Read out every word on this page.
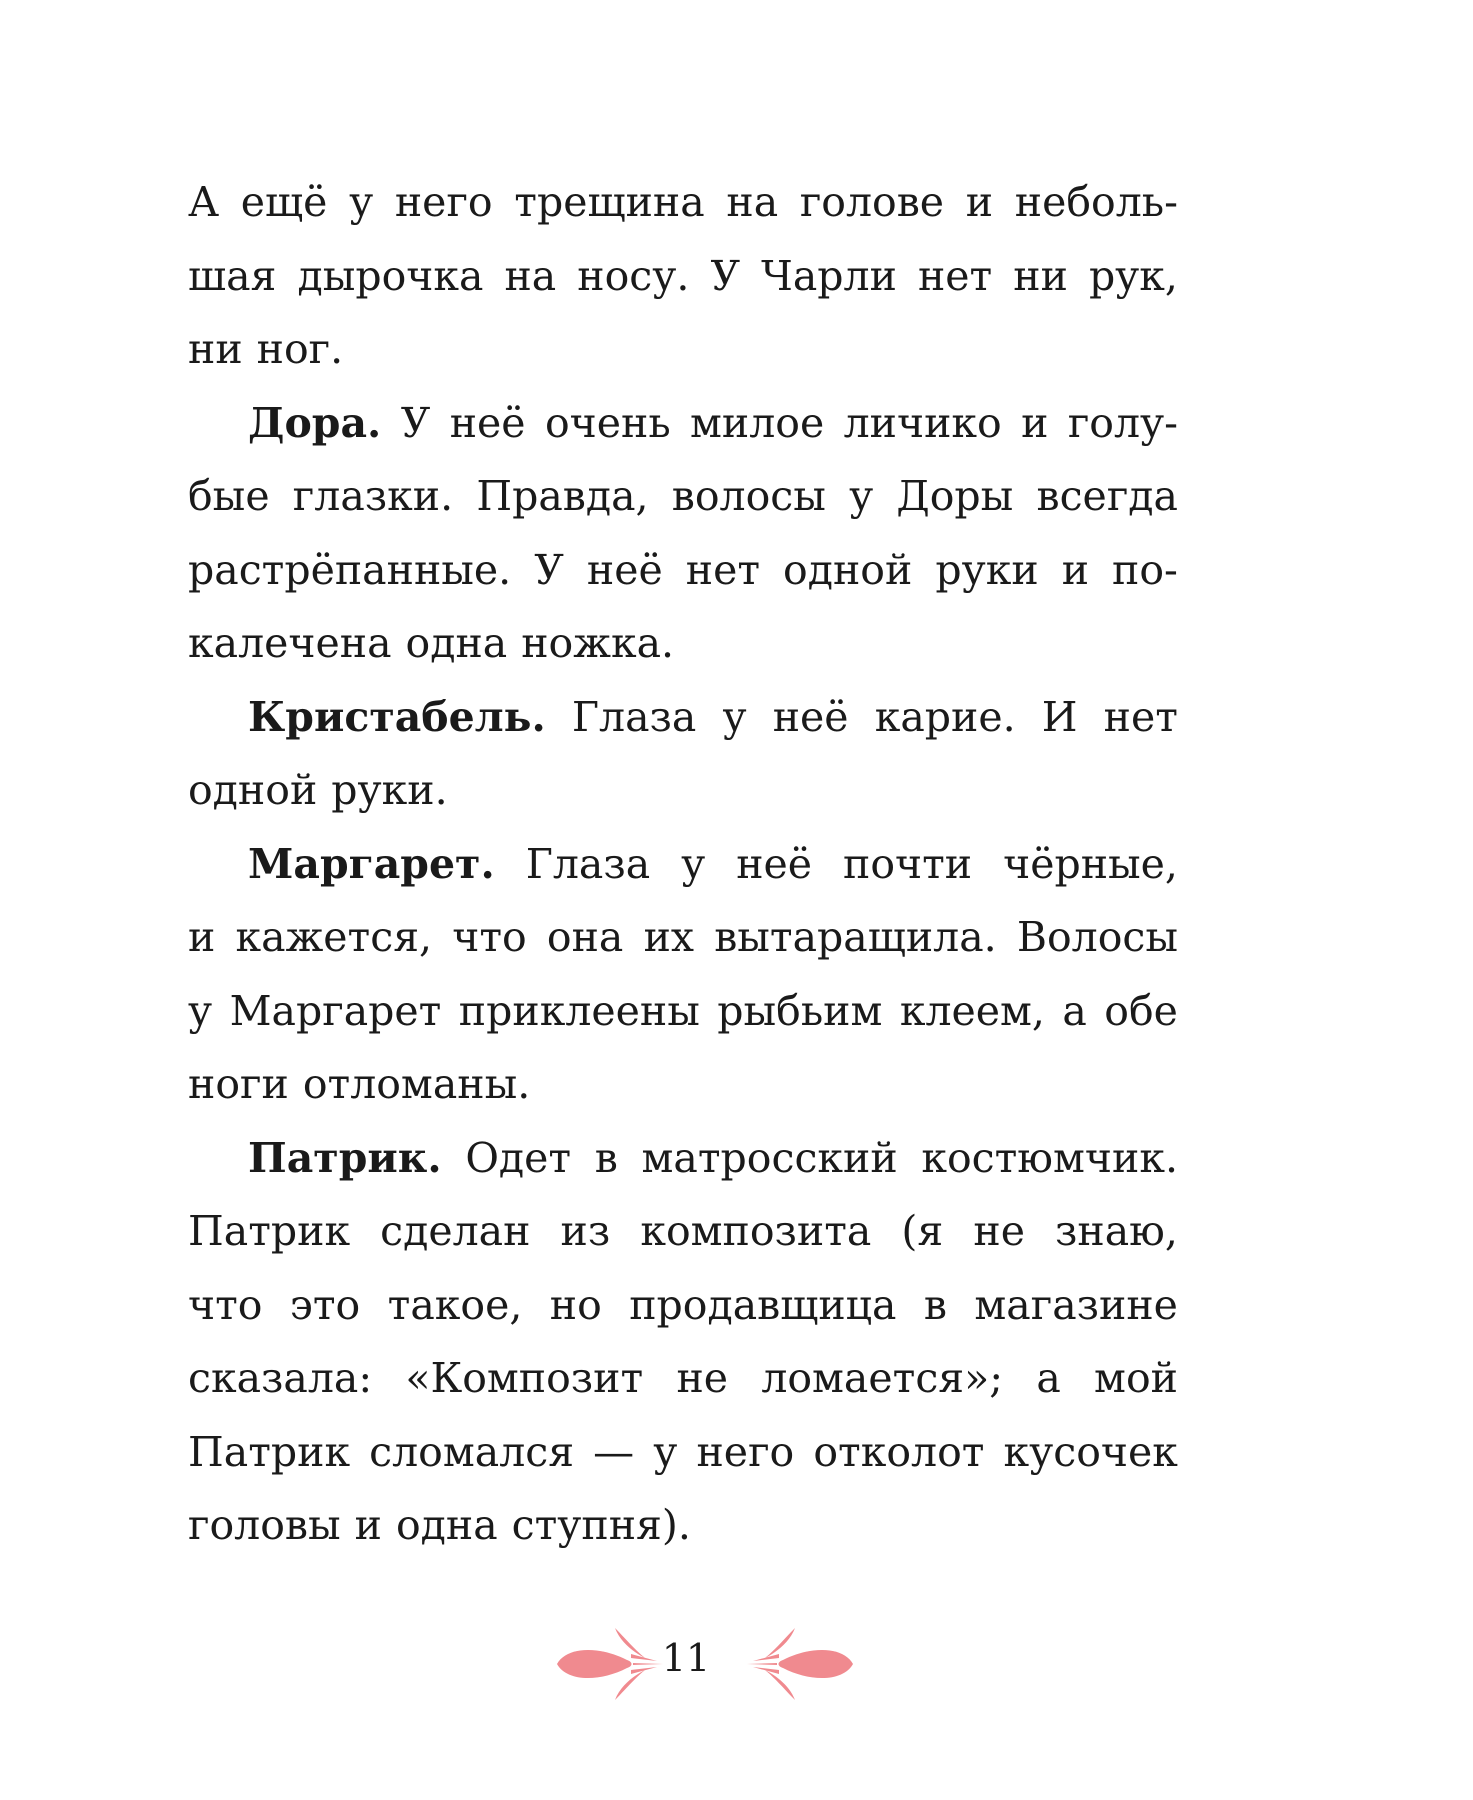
А ещё у него трещина на голове и неболь-
шая дырочка на носу. У Чарли нет ни рук,
ни ног.
Дора. У неё очень милое личико и голу-
бые глазки. Правда, волосы у Доры всегда
растрёпанные. У неё нет одной руки и по-
калечена одна ножка.
Кристабель. Глаза у неё карие. И нет
одной руки.
Маргарет. Глаза у неё почти чёрные,
и кажется, что она их вытаращила. Волосы
у Маргарет приклеены рыбьим клеем, а обе
ноги отломаны.
Патрик. Одет в матросский костюмчик.
Патрик сделан из композита (я не знаю,
что это такое, но продавщица в магазине
сказала: «Композит не ломается»; а мой
Патрик сломался — у него отколот кусочек
головы и одна ступня).
11
